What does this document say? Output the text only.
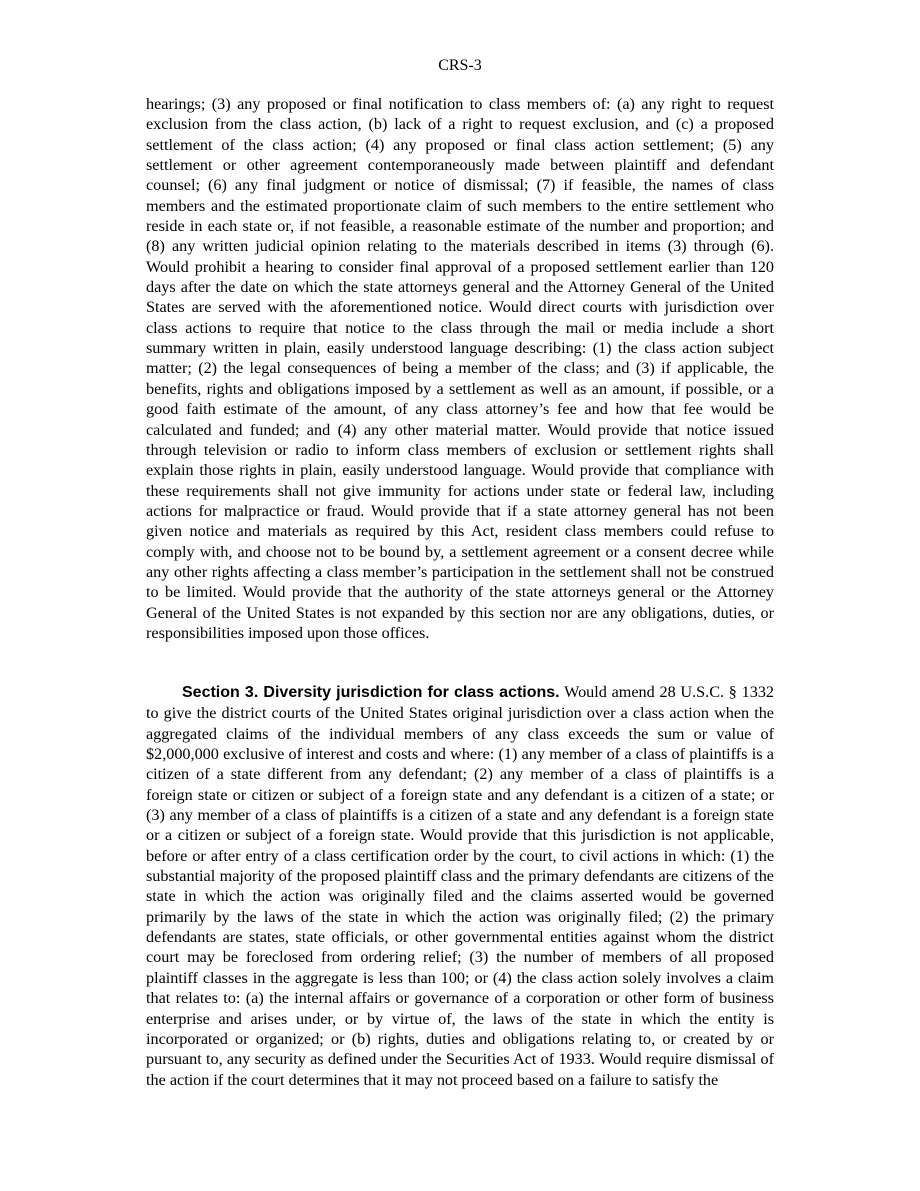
CRS-3

hearings; (3) any proposed or final notification to class members of: (a) any right to request exclusion from the class action, (b) lack of a right to request exclusion, and (c) a proposed settlement of the class action; (4) any proposed or final class action settlement; (5) any settlement or other agreement contemporaneously made between plaintiff and defendant counsel; (6) any final judgment or notice of dismissal; (7) if feasible, the names of class members and the estimated proportionate claim of such members to the entire settlement who reside in each state or, if not feasible, a reasonable estimate of the number and proportion; and (8) any written judicial opinion relating to the materials described in items (3) through (6). Would prohibit a hearing to consider final approval of a proposed settlement earlier than 120 days after the date on which the state attorneys general and the Attorney General of the United States are served with the aforementioned notice. Would direct courts with jurisdiction over class actions to require that notice to the class through the mail or media include a short summary written in plain, easily understood language describing: (1) the class action subject matter; (2) the legal consequences of being a member of the class; and (3) if applicable, the benefits, rights and obligations imposed by a settlement as well as an amount, if possible, or a good faith estimate of the amount, of any class attorney’s fee and how that fee would be calculated and funded; and (4) any other material matter. Would provide that notice issued through television or radio to inform class members of exclusion or settlement rights shall explain those rights in plain, easily understood language. Would provide that compliance with these requirements shall not give immunity for actions under state or federal law, including actions for malpractice or fraud. Would provide that if a state attorney general has not been given notice and materials as required by this Act, resident class members could refuse to comply with, and choose not to be bound by, a settlement agreement or a consent decree while any other rights affecting a class member’s participation in the settlement shall not be construed to be limited. Would provide that the authority of the state attorneys general or the Attorney General of the United States is not expanded by this section nor are any obligations, duties, or responsibilities imposed upon those offices.

Section 3. Diversity jurisdiction for class actions. Would amend 28 U.S.C. § 1332 to give the district courts of the United States original jurisdiction over a class action when the aggregated claims of the individual members of any class exceeds the sum or value of $2,000,000 exclusive of interest and costs and where: (1) any member of a class of plaintiffs is a citizen of a state different from any defendant; (2) any member of a class of plaintiffs is a foreign state or citizen or subject of a foreign state and any defendant is a citizen of a state; or (3) any member of a class of plaintiffs is a citizen of a state and any defendant is a foreign state or a citizen or subject of a foreign state. Would provide that this jurisdiction is not applicable, before or after entry of a class certification order by the court, to civil actions in which: (1) the substantial majority of the proposed plaintiff class and the primary defendants are citizens of the state in which the action was originally filed and the claims asserted would be governed primarily by the laws of the state in which the action was originally filed; (2) the primary defendants are states, state officials, or other governmental entities against whom the district court may be foreclosed from ordering relief; (3) the number of members of all proposed plaintiff classes in the aggregate is less than 100; or (4) the class action solely involves a claim that relates to: (a) the internal affairs or governance of a corporation or other form of business enterprise and arises under, or by virtue of, the laws of the state in which the entity is incorporated or organized; or (b) rights, duties and obligations relating to, or created by or pursuant to, any security as defined under the Securities Act of 1933. Would require dismissal of the action if the court determines that it may not proceed based on a failure to satisfy the
